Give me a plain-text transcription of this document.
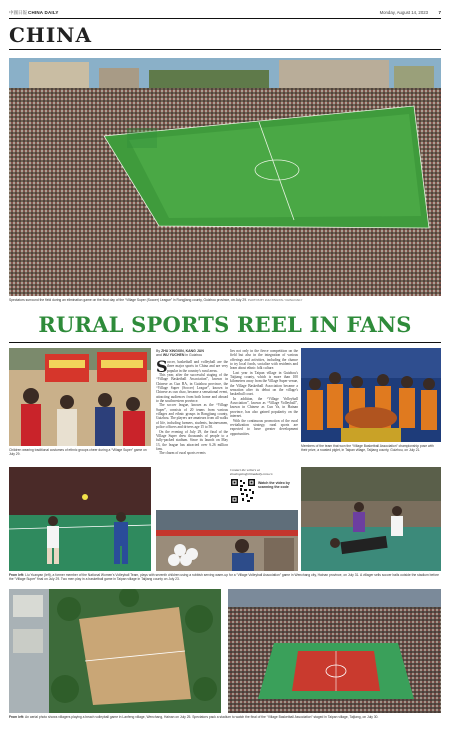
中國日報 CHINA DAILY	Monday, August 14, 2023 7
CHINA
Spectators surround the field during an elimination game on the final day of the “Village Super (Soccer) League” in Rongjiang county, Guizhou province, on July 29. PHOTOS BY ZHU XINGXIN / CHINA DAILY
RURAL SPORTS REEL IN FANS
Children wearing traditional costumes of ethnic groups cheer during a “Village Super” game on July 29.
By ZHU XINGXIN, KANG JUN
and WU YUCHEN in Guizhou
S occer, basketball and volleyball are the three major sports in China and are very popular in the country's rural areas.

This year, after the successful staging of the “Village Basketball Association”, known in Chinese as Cun BA, in Guizhou province, the “Village Super (Soccer) League”, known in Chinese as cun chao, became a sensational event, attracting audiences from both home and abroad to the southwestern province.

The soccer league, known as the “Village Super”, consists of 20 teams from various villages and ethnic groups in Rongjiang county, Guizhou. The players are amateurs from all walks of life, including farmers, students, businessmen, police officers and drivers age 15 to 50.

On the evening of July 29, the final of the Village Super drew thousands of people to a fully-packed stadium. Since its launch on May 13, the league has attracted over 6.26 million fans.

The charm of rural sports events

lies not only in the fierce competition on the field but also in the integration of various offerings and activities, including the chance to try local foods, socialize with residents and learn about ethnic folk culture.

Last year in Taipan village in Guizhou's Taijiang county, which is more than 100 kilometers away from the Village Super venue, the Village Basketball Association became a sensation after its debut on the village's basketball court.

In addition, the “Village Volleyball Association”, known as “Village Volleyball”, known in Chinese as Cun Va, in Hainan province, has also gained popularity on the internet.

With the continuous promotion of the rural revitalization strategy, rural sports are expected to have greater development opportunities.

Contact the writers at
zhuxingxin@chinadaily.com.cn
Watch the video by scanning the code
Members of the team that won the “Village Basketball Association” championship pose with their prize, a roasted piglet, in Taipan village, Taijiang county, Guizhou, on July 21.
From left: Liu Yuanyan (left), a former member of the National Women's Volleyball Team, plays with seventh children using a rubbish serving warm-up for a “Village Volleyball Association” game in Wenchang city, Hainan province, on July 31. A villager sells soccer balls outside the stadium before the “Village Super” final on July 29. Two men play in a basketball game in Taipan village in Taijiang county on July 23.
From left: An aerial photo shows villagers playing a beach volleyball game in Lanfeng village, Wenchang, Hainan on July 25. Spectators pack a stadium to watch the final of the “Village Basketball Association” staged in Taipan village, Taijiang, on July 30.
